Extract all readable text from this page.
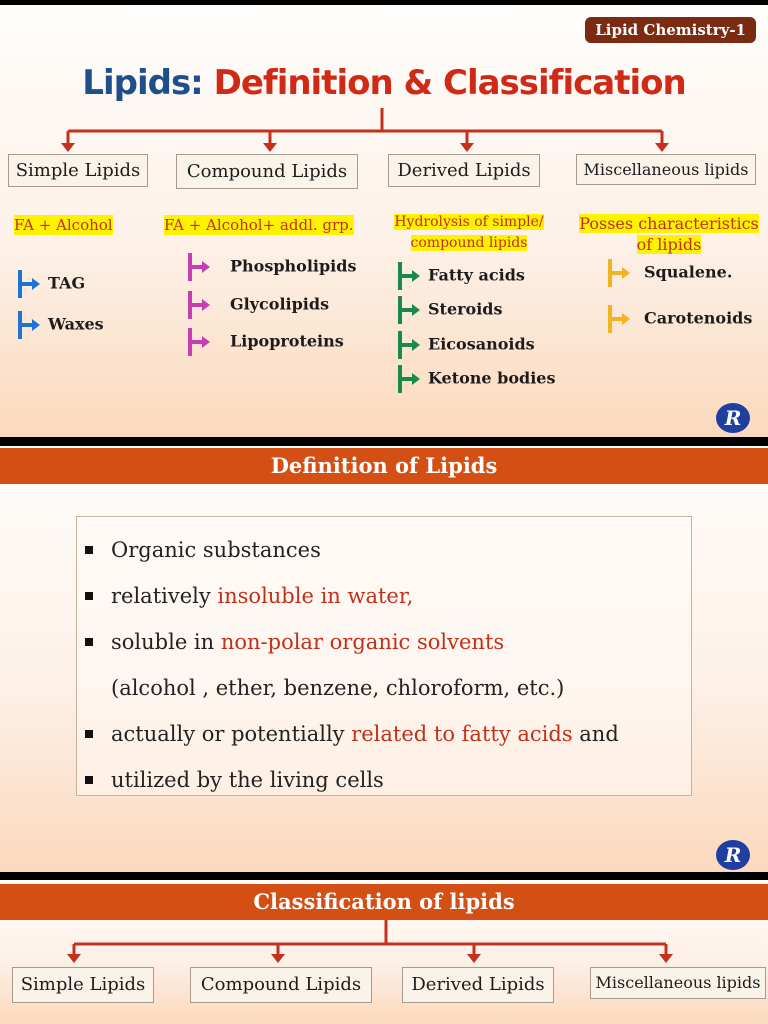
Lipid Chemistry-1
Lipids: Definition & Classification
Simple Lipids	Compound Lipids	Derived Lipids	Miscellaneous lipids
FA + Alcohol	FA + Alcohol+ addl. grp.	Hydrolysis of simple/
compound lipids
Posses characteristics
of lipids
TAG
Waxes
Phospholipids
Glycolipids
Lipoproteins
Fatty acids
Steroids
Eicosanoids
Ketone bodies
Squalene.
Carotenoids
R
Definition of Lipids
Organic substances
relatively insoluble in water,
soluble in non-polar organic solvents
(alcohol , ether, benzene, chloroform, etc.)
actually or potentially related to fatty acids and
utilized by the living cells
R
Classification of lipids
Simple Lipids	Compound Lipids	Derived Lipids	Miscellaneous lipids
